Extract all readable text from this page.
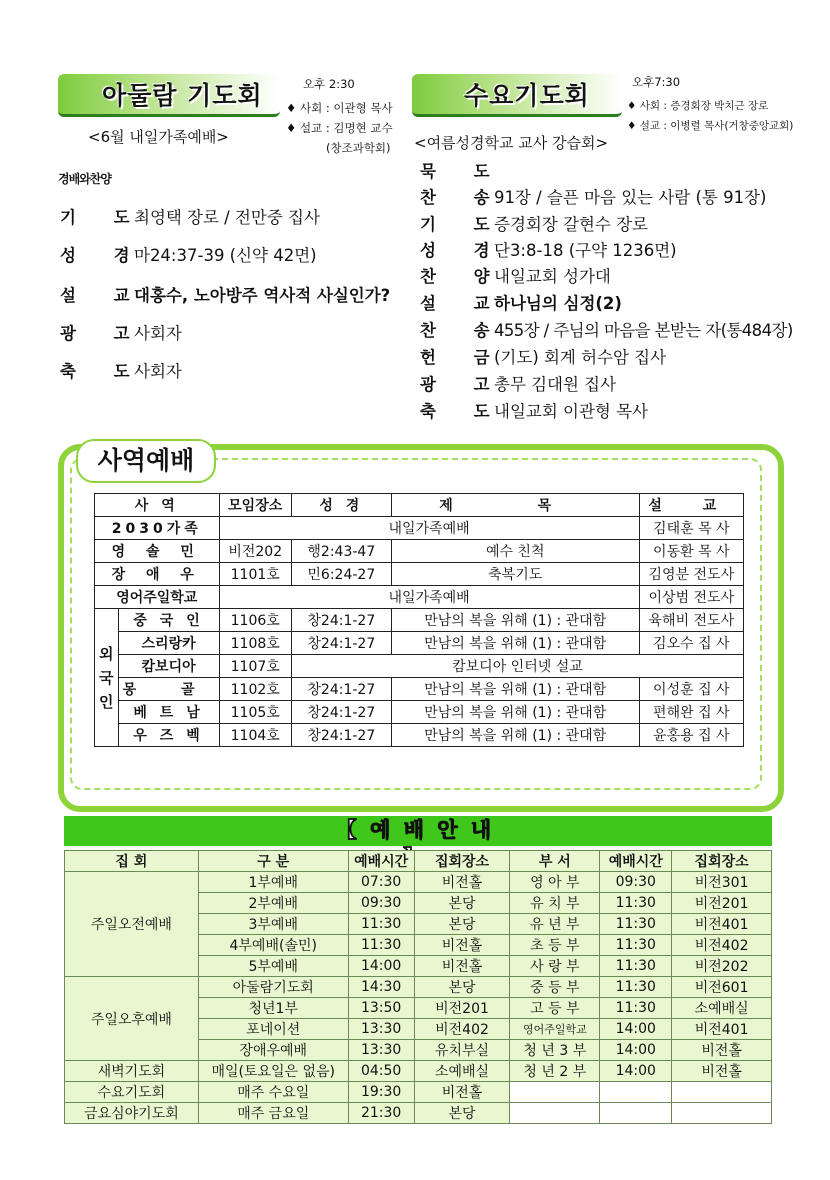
아둘람 기도회	오후 2:30
♦ 사회 : 이관형 목사
♦ 설교 : 김명현 교수
(창조과학회)
<6월 내일가족예배>
경배와찬양
기 도최영택 장로 / 전만중 집사
성 경마24:37-39 (신약 42면)
설 교대홍수, 노아방주 역사적 사실인가?
광 고사회자
축 도사회자
수요기도회	오후7:30
♦ 사회 : 증경회장 박치근 장로
♦ 설교 : 이병렬 목사(거창중앙교회)
<여름성경학교 교사 강습회>
묵 도
찬 송91장 / 슬픈 마음 있는 사람 (통 91장)
기 도증경회장 갈현수 장로
성 경단3:8-18 (구약 1236면)
찬 양내일교회 성가대
설 교하나님의 심정(2)
찬 송455장 / 주님의 마음을 본받는 자(통484장)
헌 금(기도) 회계 허수암 집사
광 고총무 김대원 집사
축 도내일교회 이관형 목사
사역예배
사 역		모임장소	성 경	제 목	설 교
2030가족		내일가족예배			김태훈 목 사
영 솔 민		비전202	행2:43-47	예수 친척	이동환 목 사
장 애 우		1101호	민6:24-27	축복기도	김영분 전도사
영어주일학교		내일가족예배			이상범 전도사
외국인	중 국 인	1106호	창24:1-27	만남의 복을 위해 (1) : 관대함	육해비 전도사
	스리랑카	1108호	창24:1-27	만남의 복을 위해 (1) : 관대함	김오수 집 사
	캄보디아	1107호	캄보디아 인터넷 설교		
	몽 골	1102호	창24:1-27	만남의 복을 위해 (1) : 관대함	이성훈 집 사
	베 트 남	1105호	창24:1-27	만남의 복을 위해 (1) : 관대함	편해완 집 사
	우 즈 벡	1104호	창24:1-27	만남의 복을 위해 (1) : 관대함	윤홍용 집 사
【 예 배 안 내
집 회	구 분	예배시간	집회장소	부 서	예배시간	집회장소
주일오전예배	1부예배	07:30	비전홀	영 아 부	09:30	비전301
	2부예배	09:30	본당	유 치 부	11:30	비전201
	3부예배	11:30	본당	유 년 부	11:30	비전401
	4부예배(솔민)	11:30	비전홀	초 등 부	11:30	비전402
	5부예배	14:00	비전홀	사 랑 부	11:30	비전202
주일오후예배	아둘람기도회	14:30	본당	중 등 부	11:30	비전601
	청년1부	13:50	비전201	고 등 부	11:30	소예배실
	포네이션	13:30	비전402	영어주일학교	14:00	비전401
	장애우예배	13:30	유치부실	청 년 3 부	14:00	비전홀
새벽기도회	매일(토요일은 없음)	04:50	소예배실	청 년 2 부	14:00	비전홀
수요기도회	매주 수요일	19:30	비전홀			
금요심야기도회	매주 금요일	21:30	본당			
